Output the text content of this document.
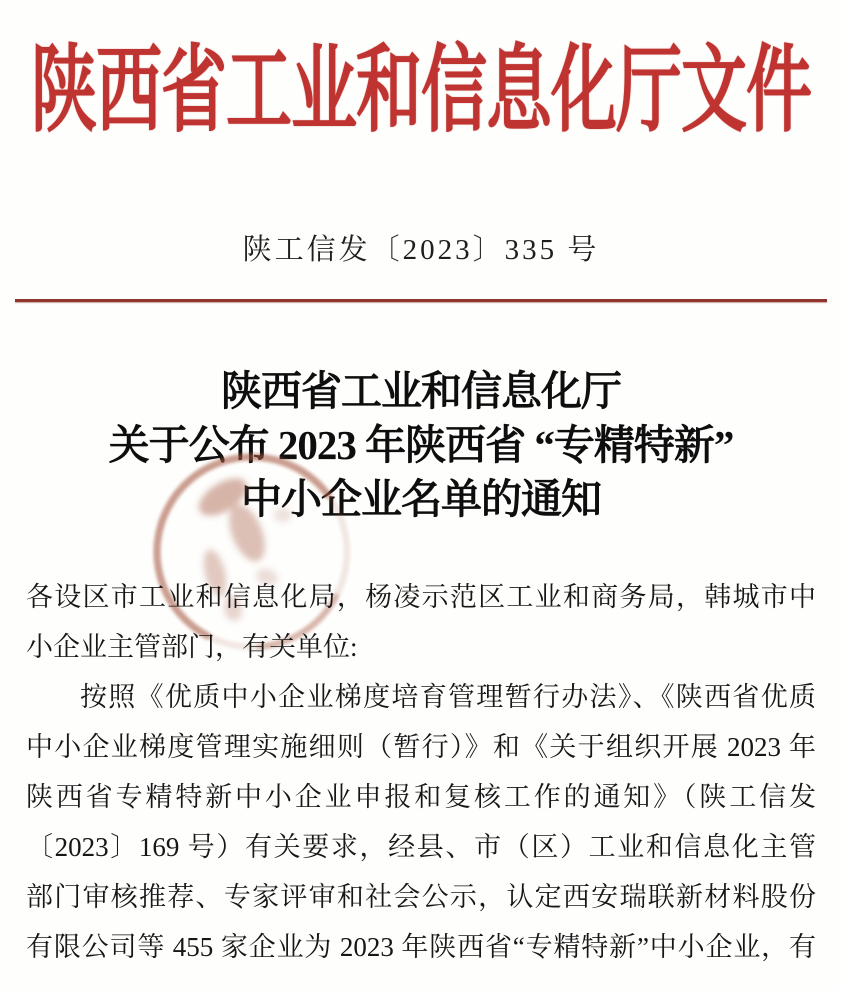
陕西省工业和信息化厅文件
陕工信发〔2023〕335 号
陕西省工业和信息化厅
关于公布 2023 年陕西省 “专精特新”
中小企业名单的通知
各设区市工业和信息化局，杨凌示范区工业和商务局，韩城市中
小企业主管部门，有关单位:
按照《优质中小企业梯度培育管理暂行办法》、《陕西省优质
中小企业梯度管理实施细则（暂行）》和《关于组织开展 2023 年
陕西省专精特新中小企业申报和复核工作的通知》（陕工信发
〔2023〕169 号）有关要求，经县、市（区）工业和信息化主管
部门审核推荐、专家评审和社会公示，认定西安瑞联新材料股份
有限公司等 455 家企业为 2023 年陕西省“专精特新”中小企业，有
